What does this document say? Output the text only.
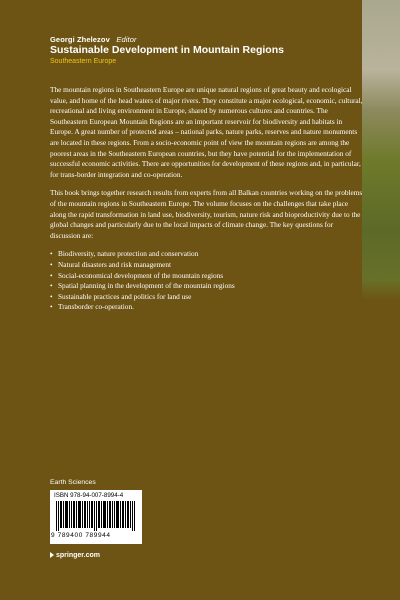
Georgi Zhelezov Editor
Sustainable Development in Mountain Regions
Southeastern Europe

The mountain regions in Southeastern Europe are unique natural regions of great beauty and ecological value, and home of the head waters of major rivers. They constitute a major ecological, economic, cultural, recreational and living environment in Europe, shared by numerous cultures and countries. The Southeastern European Mountain Regions are an important reservoir for biodiversity and habitats in Europe. A great number of protected areas – national parks, nature parks, reserves and nature monuments are located in these regions. From a socio-economic point of view the mountain regions are among the poorest areas in the Southeastern European countries, but they have potential for the implementation of successful economic activities. There are opportunities for development of these regions and, in particular, for trans-border integration and co-operation.

This book brings together research results from experts from all Balkan countries working on the problems of the mountain regions in Southeastern Europe. The volume focuses on the challenges that take place along the rapid transformation in land use, biodiversity, tourism, nature risk and bioproductivity due to the global changes and particularly due to the local impacts of climate change. The key questions for discussion are:

• Biodiversity, nature protection and conservation
• Natural disasters and risk management
• Social-economical development of the mountain regions
• Spatial planning in the development of the mountain regions
• Sustainable practices and politics for land use
• Transborder co-operation.
Earth Sciences
ISBN 978-94-007-8994-4
9 789400 789944
springer.com
